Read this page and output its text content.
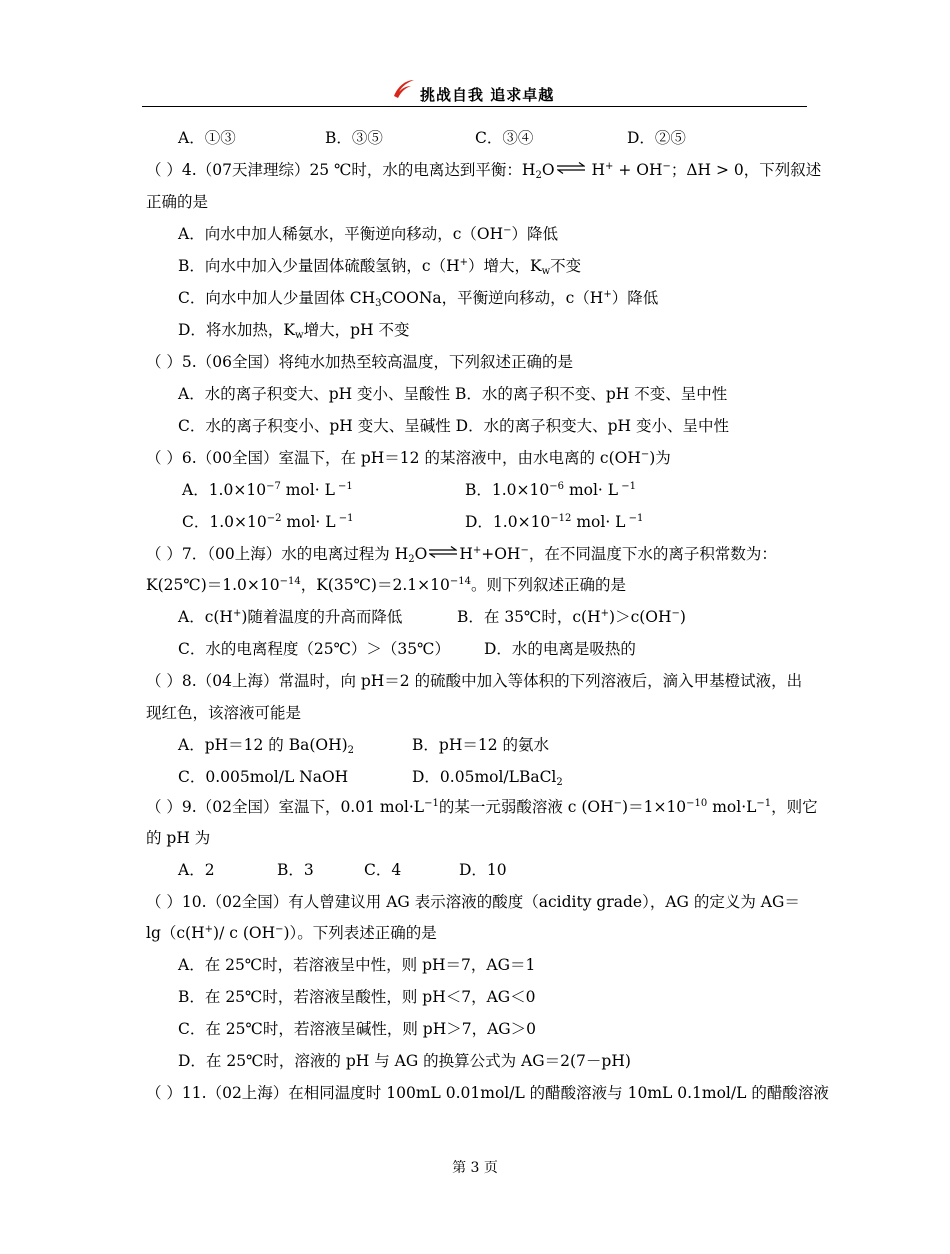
挑战自我 追求卓越
A．①③	B．③⑤	C．③④	D．②⑤
（ ）4.（07天津理综）25 ℃时，水的电离达到平衡：$H_2O$ ⇌ H+ + OH−；ΔH > 0，下列叙述
正确的是
A．向水中加人稀氨水，平衡逆向移动，c（OH−）降低
B．向水中加入少量固体硫酸氢钠，c（H+）增大，$K_w$不变
C．向水中加人少量固体 $CH_3COONa$，平衡逆向移动，c（H+）降低
D．将水加热，$K_w$增大，pH 不变
（ ）5.（06全国）将纯水加热至较高温度，下列叙述正确的是
A．水的离子积变大、pH 变小、呈酸性 B．水的离子积不变、pH 不变、呈中性
C．水的离子积变小、pH 变大、呈碱性 D．水的离子积变大、pH 变小、呈中性
（ ）6.（00全国）室温下，在 pH＝12 的某溶液中，由水电离的 c(OH−)为
A．$1.0\times 10^{-7}$ mol· L $^{-1}$	B．$1.0\times 10^{-6}$ mol· L $^{-1}$
C．$1.0\times 10^{-2}$ mol· L $^{-1}$	D．$1.0\times 10^{-12}$ mol· L $^{-1}$
（ ）7．（00上海）水的电离过程为 $H_2O$ ⇌ H++OH−，在不同温度下水的离子积常数为：
$K(25℃)=1.0\times 10^{-14}$，$K(35℃)=2.1\times 10^{-14}$。则下列叙述正确的是
A．c(H+)随着温度的升高而降低	B．在 35℃时，c(H+)＞c(OH−)
C．水的电离程度（25℃）＞（35℃） D．水的电离是吸热的
（ ）8.（04上海）常温时，向 pH＝2 的硫酸中加入等体积的下列溶液后，滴入甲基橙试液，出
现红色，该溶液可能是
A．pH＝12 的 $Ba(OH)_2$	B．pH＝12 的氨水
C．0.005mol/L NaOH	D．0.05mol/LBaCl$_2$
（ ）9.（02全国）室温下，0.01 $mol\cdot L^{-1}$的某一元弱酸溶液 c $(OH^-)=1\times 10^{-10}$ $mol\cdot L^{-1}$，则它
的 pH 为
A．2	B．3	C．4	D．10
（ ）10.（02全国）有人曾建议用 AG 表示溶液的酸度（acidity grade），AG 的定义为 AG＝
lg（c(H+)/ c (OH−)）。下列表述正确的是
A．在 25℃时，若溶液呈中性，则 pH＝7，AG＝1
B．在 25℃时，若溶液呈酸性，则 pH＜7，AG＜0
C．在 25℃时，若溶液呈碱性，则 pH＞7，AG＞0
D．在 25℃时，溶液的 pH 与 AG 的换算公式为 AG＝2(7－pH)
（ ）11.（02上海）在相同温度时 100mL 0.01mol/L 的醋酸溶液与 10mL 0.1mol/L 的醋酸溶液
第 3 页
